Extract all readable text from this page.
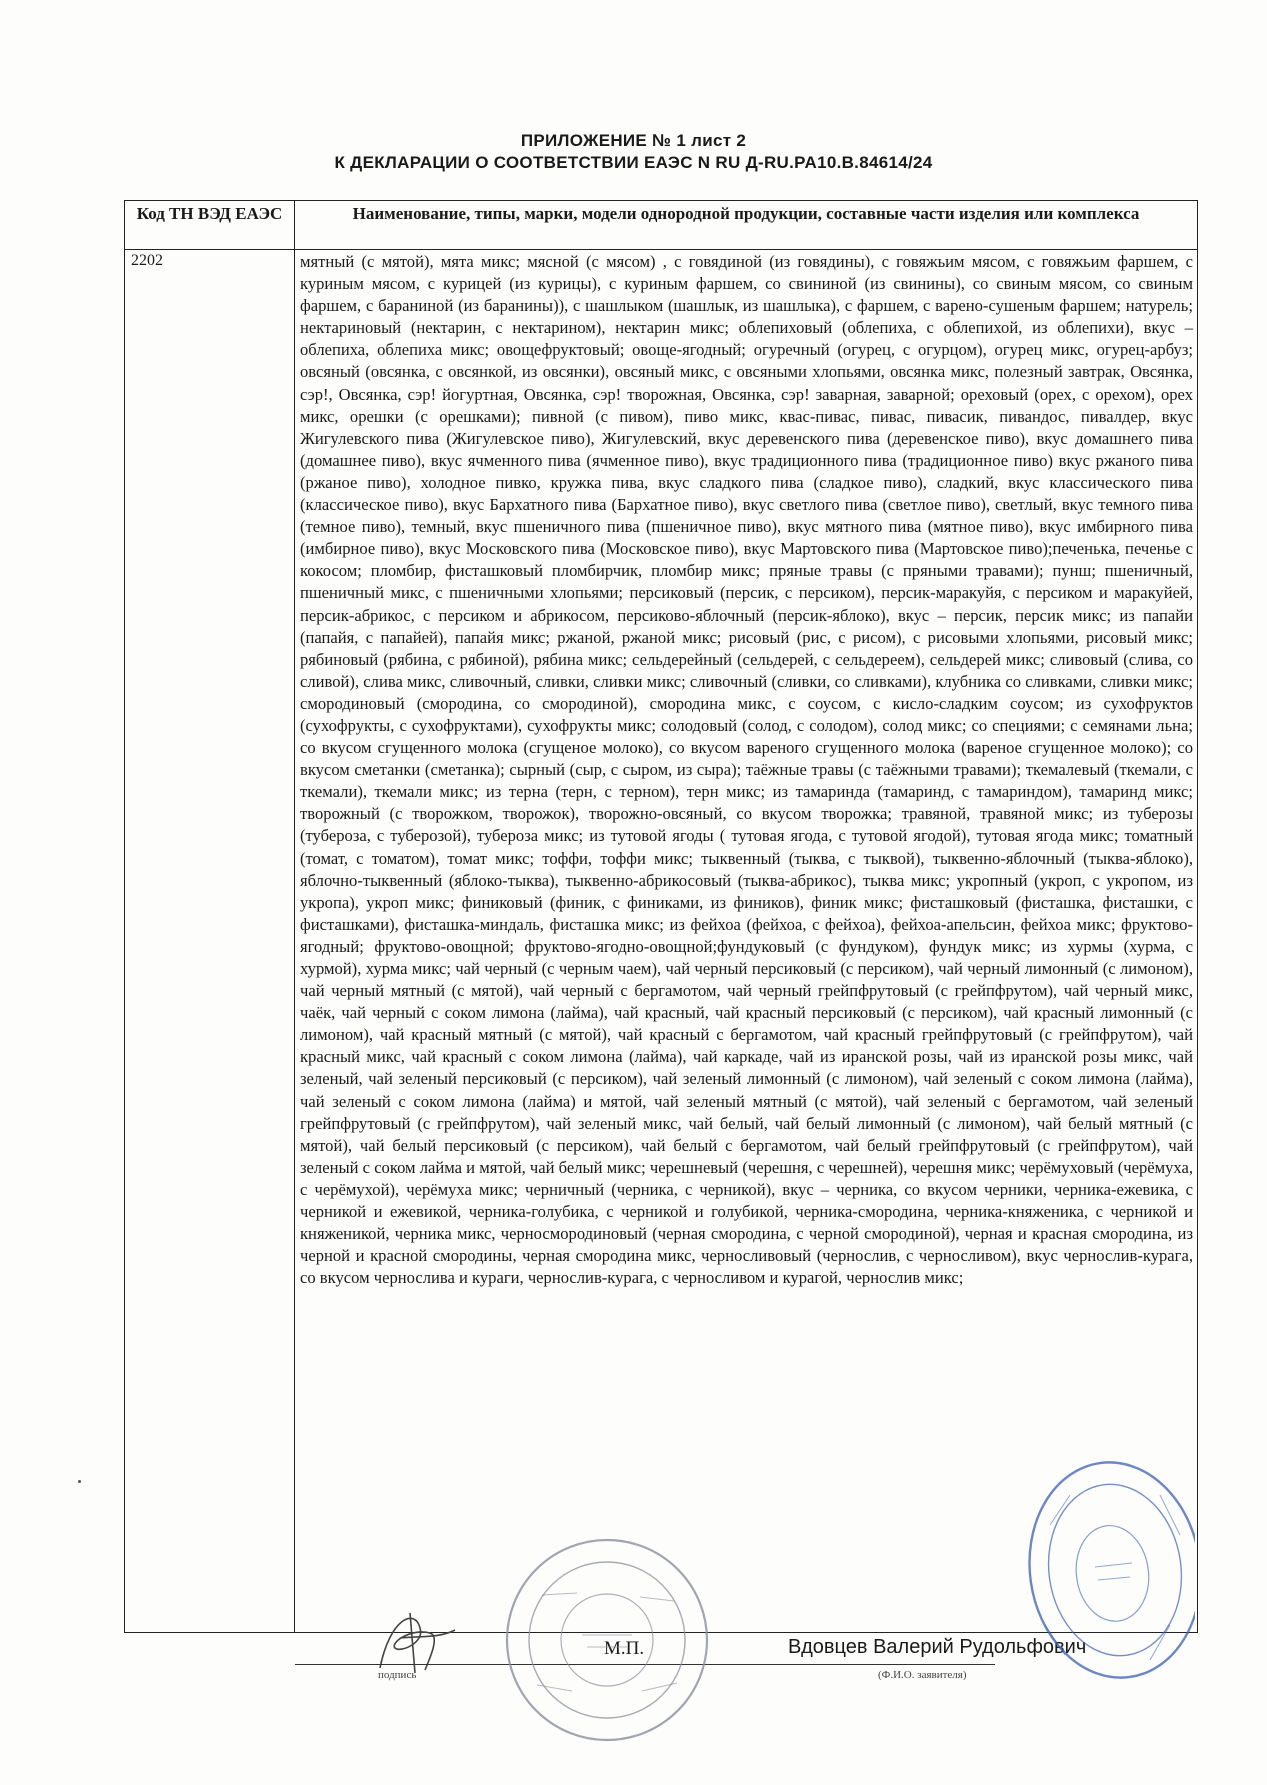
ПРИЛОЖЕНИЕ № 1 лист 2
К ДЕКЛАРАЦИИ О СООТВЕТСТВИИ ЕАЭС N RU Д-RU.PA10.B.84614/24
Код ТН ВЭД ЕАЭС	Наименование, типы, марки, модели однородной продукции, составные части изделия или комплекса
2202	мятный (с мятой), мята микс; мясной (с мясом) , с говядиной (из говядины), с говяжьим мясом, с говяжьим фаршем, с куриным мясом, с курицей (из курицы), с куриным фаршем, со свининой (из свинины), со свиным мясом, со свиным фаршем, с бараниной (из баранины)), с шашлыком (шашлык, из шашлыка), с фаршем, с варено-сушеным фаршем; натурель; нектариновый (нектарин, с нектарином), нектарин микс; облепиховый (облепиха, с облепихой, из облепихи), вкус – облепиха, облепиха микс; овощефруктовый; овоще-ягодный; огуречный (огурец, с огурцом), огурец микс, огурец-арбуз; овсяный (овсянка, с овсянкой, из овсянки), овсяный микс, с овсяными хлопьями, овсянка микс, полезный завтрак, Овсянка, сэр!, Овсянка, сэр! йогуртная, Овсянка, сэр! творожная, Овсянка, сэр! заварная, заварной; ореховый (орех, с орехом), орех микс, орешки (с орешками); пивной (с пивом), пиво микс, квас-пивас, пивас, пивасик, пивандос, пивалдер, вкус Жигулевского пива (Жигулевское пиво), Жигулевский, вкус деревенского пива (деревенское пиво), вкус домашнего пива (домашнее пиво), вкус ячменного пива (ячменное пиво), вкус традиционного пива (традиционное пиво) вкус ржаного пива (ржаное пиво), холодное пивко, кружка пива, вкус сладкого пива (сладкое пиво), сладкий, вкус классического пива (классическое пиво), вкус Бархатного пива (Бархатное пиво), вкус светлого пива (светлое пиво), светлый, вкус темного пива (темное пиво), темный, вкус пшеничного пива (пшеничное пиво), вкус мятного пива (мятное пиво), вкус имбирного пива (имбирное пиво), вкус Московского пива (Московское пиво), вкус Мартовского пива (Мартовское пиво);печенька, печенье с кокосом; пломбир, фисташковый пломбирчик, пломбир микс; пряные травы (с пряными травами); пунш; пшеничный, пшеничный микс, с пшеничными хлопьями; персиковый (персик, с персиком), персик-маракуйя, с персиком и маракуйей, персик-абрикос, с персиком и абрикосом, персиково-яблочный (персик-яблоко), вкус – персик, персик микс; из папайи (папайя, с папайей), папайя микс; ржаной, ржаной микс; рисовый (рис, с рисом), с рисовыми хлопьями, рисовый микс; рябиновый (рябина, с рябиной), рябина микс; сельдерейный (сельдерей, с сельдереем), сельдерей микс; сливовый (слива, со сливой), слива микс, сливочный, сливки, сливки микс; сливочный (сливки, со сливками), клубника со сливками, сливки микс; смородиновый (смородина, со смородиной), смородина микс, с соусом, с кисло-сладким соусом; из сухофруктов (сухофрукты, с сухофруктами), сухофрукты микс; солодовый (солод, с солодом), солод микс; со специями; с семянами льна; со вкусом сгущенного молока (сгущеное молоко), со вкусом вареного сгущенного молока (вареное сгущенное молоко); со вкусом сметанки (сметанка); сырный (сыр, с сыром, из сыра); таёжные травы (с таёжными травами); ткемалевый (ткемали, с ткемали), ткемали микс; из терна (терн, с терном), терн микс; из тамаринда (тамаринд, с тамариндом), тамаринд микс; творожный (с творожком, творожок), творожно-овсяный, со вкусом творожка; травяной, травяной микс; из туберозы (тубероза, с туберозой), тубероза микс; из тутовой ягоды ( тутовая ягода, с тутовой ягодой), тутовая ягода микс; томатный (томат, с томатом), томат микс; тоффи, тоффи микс; тыквенный (тыква, с тыквой), тыквенно-яблочный (тыква-яблоко), яблочно-тыквенный (яблоко-тыква), тыквенно-абрикосовый (тыква-абрикос), тыква микс; укропный (укроп, с укропом, из укропа), укроп микс; финиковый (финик, с финиками, из фиников), финик микс; фисташковый (фисташка, фисташки, с фисташками), фисташка-миндаль, фисташка микс; из фейхоа (фейхоа, с фейхоа), фейхоа-апельсин, фейхоа микс; фруктово-ягодный; фруктово-овощной; фруктово-ягодно-овощной;фундуковый (с фундуком), фундук микс; из хурмы (хурма, с хурмой), хурма микс; чай черный (с черным чаем), чай черный персиковый (с персиком), чай черный лимонный (с лимоном), чай черный мятный (с мятой), чай черный с бергамотом, чай черный грейпфрутовый (с грейпфрутом), чай черный микс, чаёк, чай черный с соком лимона (лайма), чай красный, чай красный персиковый (с персиком), чай красный лимонный (с лимоном), чай красный мятный (с мятой), чай красный с бергамотом, чай красный грейпфрутовый (с грейпфрутом), чай красный микс, чай красный с соком лимона (лайма), чай каркаде, чай из иранской розы, чай из иранской розы микс, чай зеленый, чай зеленый персиковый (с персиком), чай зеленый лимонный (с лимоном), чай зеленый с соком лимона (лайма), чай зеленый с соком лимона (лайма) и мятой, чай зеленый мятный (с мятой), чай зеленый с бергамотом, чай зеленый грейпфрутовый (с грейпфрутом), чай зеленый микс, чай белый, чай белый лимонный (с лимоном), чай белый мятный (с мятой), чай белый персиковый (с персиком), чай белый с бергамотом, чай белый грейпфрутовый (с грейпфрутом), чай зеленый с соком лайма и мятой, чай белый микс; черешневый (черешня, с черешней), черешня микс; черёмуховый (черёмуха, с черёмухой), черёмуха микс; черничный (черника, с черникой), вкус – черника, со вкусом черники, черника-ежевика, с черникой и ежевикой, черника-голубика, с черникой и голубикой, черника-смородина, черника-княженика, с черникой и княженикой, черника микс, черносмородиновый (черная смородина, с черной смородиной), черная и красная смородина, из черной и красной смородины, черная смородина микс, черносливовый (чернослив, с черносливом), вкус чернослив-курага, со вкусом чернослива и кураги, чернослив-курага, с черносливом и курагой, чернослив микс;
подпись
М.П.	Вдовцев Валерий Рудольфович
(Ф.И.О. заявителя)
